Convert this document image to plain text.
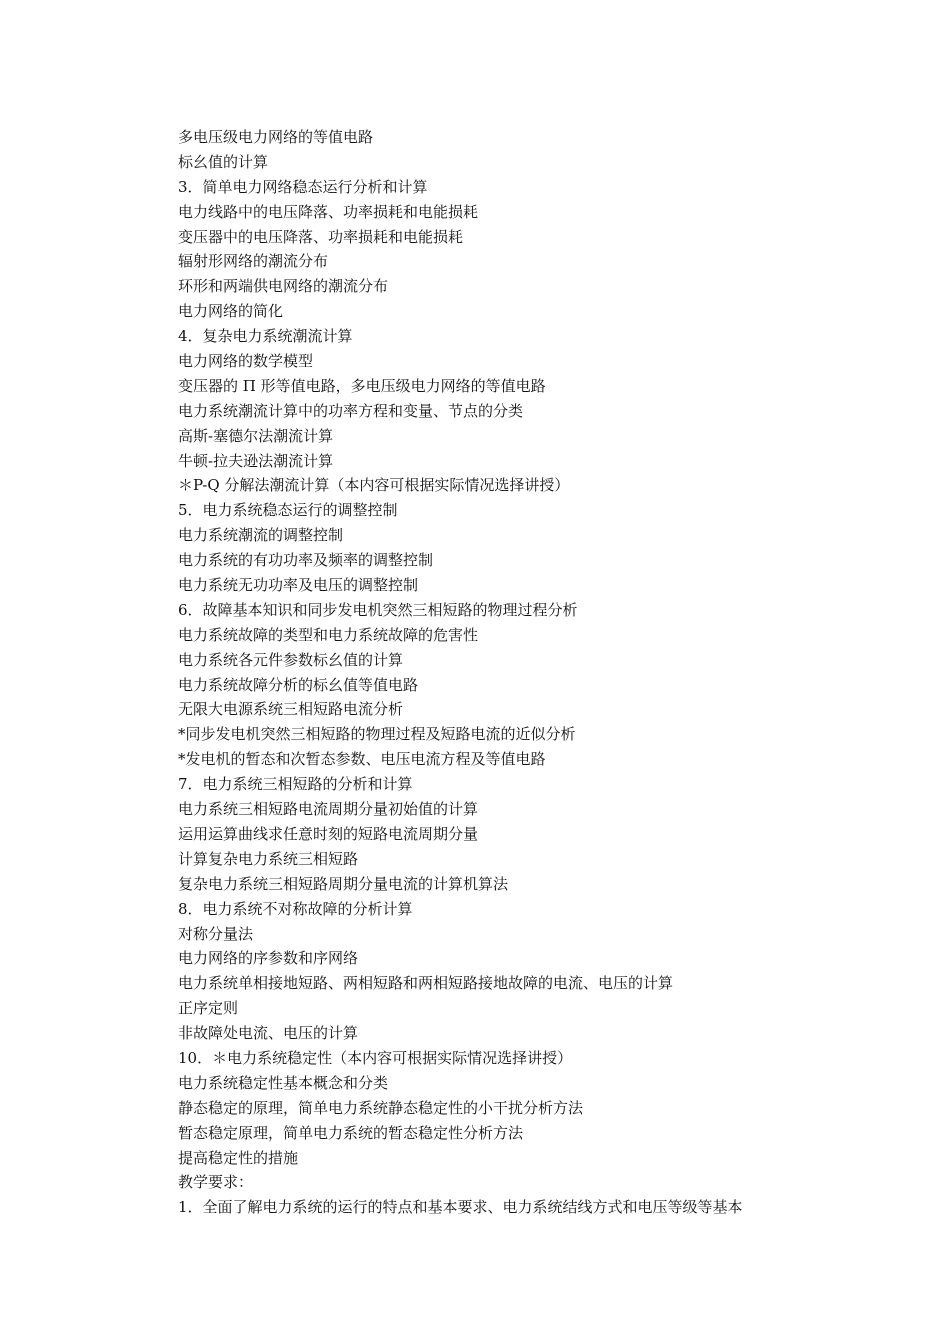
多电压级电力网络的等值电路

标幺值的计算

3．简单电力网络稳态运行分析和计算

电力线路中的电压降落、功率损耗和电能损耗

变压器中的电压降落、功率损耗和电能损耗

辐射形网络的潮流分布

环形和两端供电网络的潮流分布

电力网络的简化

4．复杂电力系统潮流计算

电力网络的数学模型

变压器的 Π 形等值电路，多电压级电力网络的等值电路

电力系统潮流计算中的功率方程和变量、节点的分类

高斯-塞德尔法潮流计算

牛顿-拉夫逊法潮流计算

＊P-Q 分解法潮流计算（本内容可根据实际情况选择讲授）

5．电力系统稳态运行的调整控制

电力系统潮流的调整控制

电力系统的有功功率及频率的调整控制

电力系统无功功率及电压的调整控制

6．故障基本知识和同步发电机突然三相短路的物理过程分析

电力系统故障的类型和电力系统故障的危害性

电力系统各元件参数标幺值的计算

电力系统故障分析的标幺值等值电路

无限大电源系统三相短路电流分析

*同步发电机突然三相短路的物理过程及短路电流的近似分析

*发电机的暂态和次暂态参数、电压电流方程及等值电路

7．电力系统三相短路的分析和计算

电力系统三相短路电流周期分量初始值的计算

运用运算曲线求任意时刻的短路电流周期分量

计算复杂电力系统三相短路

复杂电力系统三相短路周期分量电流的计算机算法

8．电力系统不对称故障的分析计算

对称分量法

电力网络的序参数和序网络

电力系统单相接地短路、两相短路和两相短路接地故障的电流、电压的计算

正序定则

非故障处电流、电压的计算

10．＊电力系统稳定性（本内容可根据实际情况选择讲授）

电力系统稳定性基本概念和分类

静态稳定的原理，简单电力系统静态稳定性的小干扰分析方法

暂态稳定原理，简单电力系统的暂态稳定性分析方法

提高稳定性的措施

教学要求：

1．全面了解电力系统的运行的特点和基本要求、电力系统结线方式和电压等级等基本
